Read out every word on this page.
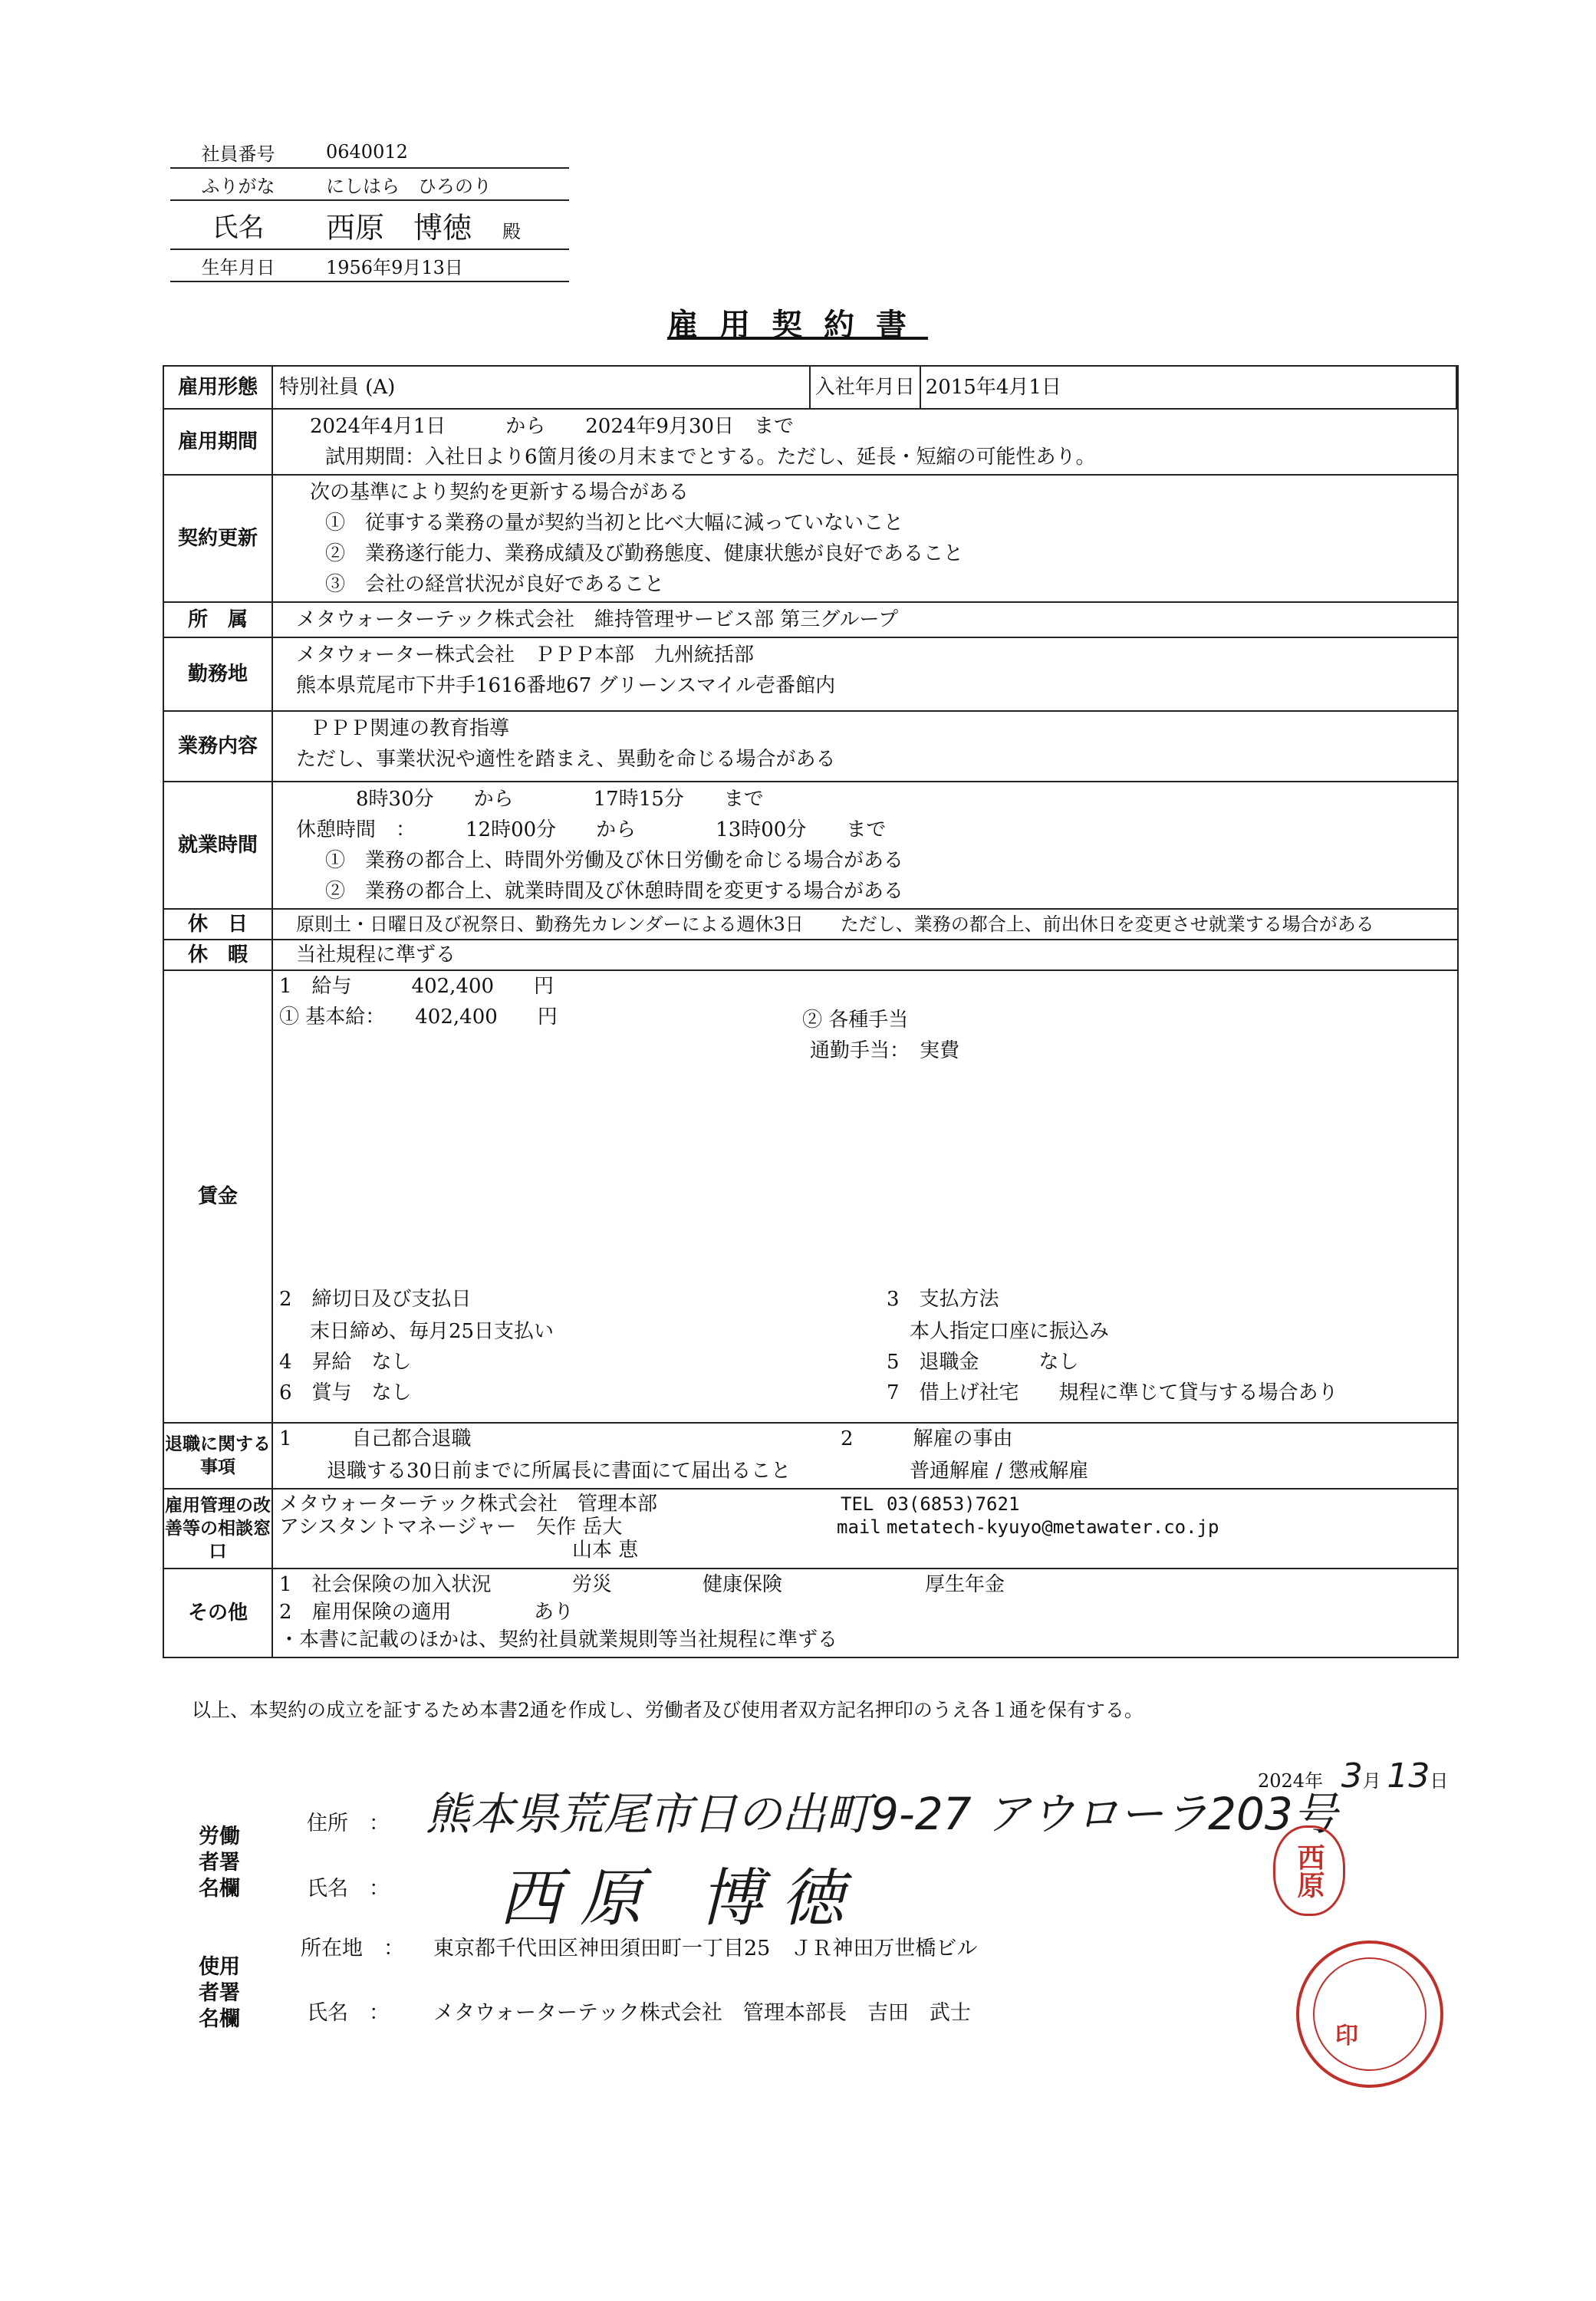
社員番号	0640012
ふりがな	にしはら　ひろのり
氏名	西原　博徳 殿
生年月日	1956年9月13日
雇用契約書
雇用形態	特別社員 (A)	入社年月日	2015年4月1日	

雇用期間	
2024年4月1日　　　から　　2024年9月30日　まで
試用期間：入社日より6箇月後の月末までとする。ただし、延長・短縮の可能性あり。

契約更新	
次の基準により契約を更新する場合がある
①　従事する業務の量が契約当初と比べ大幅に減っていないこと
②　業務遂行能力、業務成績及び勤務態度、健康状態が良好であること
③　会社の経営状況が良好であること

所　属	メタウォーターテック株式会社　維持管理サービス部 第三グループ

勤務地	
メタウォーター株式会社　ＰＰＰ本部　九州統括部
熊本県荒尾市下井手1616番地67 グリーンスマイル壱番館内

業務内容	
ＰＰＰ関連の教育指導
ただし、事業状況や適性を踏まえ、異動を命じる場合がある

就業時間	
8時30分　　から　　　　17時15分　　まで
休憩時間　：　　　12時00分　　から　　　　13時00分　　まで
①　業務の都合上、時間外労働及び休日労働を命じる場合がある
②　業務の都合上、就業時間及び休憩時間を変更する場合がある

休　日	原則土・日曜日及び祝祭日、勤務先カレンダーによる週休3日　　ただし、業務の都合上、前出休日を変更させ就業する場合がある

休　暇	当社規程に準ずる

賃金	
1　給与　　　402,400　　円
① 基本給：　　402,400　　円	② 各種手当
通勤手当：　実費
2　締切日及び支払日
末日締め、毎月25日支払い
3　支払方法
本人指定口座に振込み
4　昇給　なし	5　退職金　　　なし
6　賞与　なし	7　借上げ社宅　　規程に準じて貸与する場合あり

退職に関する事項	
1　　　自己都合退職
退職する30日前までに所属長に書面にて届出ること
2　　　解雇の事由
普通解雇 / 懲戒解雇

雇用管理の改善等の相談窓口	
メタウォーターテック株式会社　管理本部
アシスタントマネージャー　矢作 岳大
山本 恵
TEL 03(6853)7621
mail metatech-kyuyo@metawater.co.jp

その他	
1　社会保険の加入状況	労災	健康保険	厚生年金
2　雇用保険の適用	あり
・本書に記載のほかは、契約社員就業規則等当社規程に準ずる
以上、本契約の成立を証するため本書2通を作成し、労働者及び使用者双方記名押印のうえ各１通を保有する。
2024年 3月 13日
労働者署名欄
住所　： 熊本県荒尾市日の出町9-27 アウローラ203号
氏名　： 西原 博徳	西原
使用者署名欄
所在地　： 東京都千代田区神田須田町一丁目25　ＪＲ神田万世橋ビル
氏名　： メタウォーターテック株式会社　管理本部長　吉田　武士
印
